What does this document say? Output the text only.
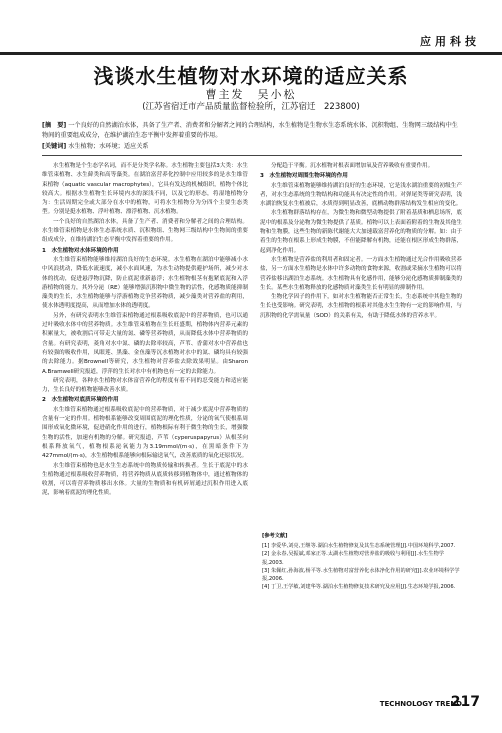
应用科技
浅谈水生植物对水环境的适应关系
曹主发　吴小松
(江苏省宿迁市产品质量监督检验所，江苏宿迁　223800)
[摘　要] 一个良好的自然湖泊水体，具备了生产者、消费者和分解者之间的合理结构，水生植物是生物水生态系统水体、沉积物组、生物网三级结构中生物间的重要组成成分，在维护湖泊生态平衡中发挥着重要的作用。
[关键词] 水生植物；水环境；适应关系

水生植物是个生态学名词，而不是分类学名称。水生植物主要包括3大类：水生维管束植物、水生藓类和高等藻类。在湖泊富营养化控制中应用较多的是水生维管束植物（aquatic vascular macrophytes），它具有发达的机械组织，植物个体比较高大。根据水生植物生长环境内水的深浅不同，以及它的形态，将湿地植物分为：生活周期完全或大部分在水中的植物，可将水生植物分为分四个主要生态类型。分别是挺水植物、浮叶植物、漂浮植物、沉水植物。

一个良好的自然湖泊水体，具备了生产者、消费者和分解者之间的合理结构。水生维管束植物是水体生态系统水质、沉积物组、生物网三级结构中生物间的重要组成成分，在维持湖泊生态平衡中发挥着重要的作用。

1　水生植物对水体环境的作用

水生维管束植物能够维持湖泊良好的生态环境。水生植物在湖泊中能够减小水中风浪扰动，降低水流速度，减小水面风速，为水生动物提供避护场所，减少对水体的扰动，促进悬浮物沉降，防止底泥重新悬浮；水生植物根茎有抱紧底泥和入浮游植物的能力，其外分泌（RE）能够增强沉积物中微生物的活性，化感物质能抑制藻类的生长，水生植物能够与浮游植物竞争营养物质，减少藻类对营养盐的利用，使水体透明度提高，从而增加水体的透明度。

另外，有研究表明水生维管束植物通过根系吸收底泥中的营养物质，也可以通过叶吸收水体中的营养物质。水生维管束植物在生长旺盛期，植物体内营养元素的积累量大，被收割后可带走大量的氮、磷等营养物质，从而降低水体中营养物质的含量。有研究表明，菱角对水中氮、磷的去除率较高，芦苇、香蒲对水中营养盐也有较强的吸收作用，凤眼莲、黑藻、金鱼藻等沉水植物对水中的氮、磷均具有较强的去除能力。据Brownell等研究，水生植物对营养盐去除效果明显。由Sharon A.Bramwell研究报道，浮萍的生长对水中有机物也有一定的去除能力。

研究表明，各种水生植物对水体富营养化的程度有着不同的忍受能力和适应能力，生长良好的植物能够改善水质。

2　水生植物对底质环境的作用

水生维管束植物通过根系吸收底泥中的营养物质，对于减少底泥中营养物质的含量有一定的作用。植物根系能够改变周围底泥的理化性质，分泌的氧气使根系周围形成氧化微环境，促进硝化作用的进行，植物根际有利于微生物的生长，增强微生物的活性，加速有机物的分解。研究报道，芦苇（cyperuspapyrus）从根茎向根系释放氧气，植物根系泌氧能力为3.19mmol/(m·s)，在黑暗条件下为427mmol/(m·s)，水生植物根系能够向根际输送氧气，改善底质的氧化还原状况。

水生维管束植物也是水生生态系统中的物质传输和转换者。生长于底泥中的水生植物通过根系吸收营养物质，将营养物质从底质转移到植物体中，通过植物体的收割，可以将营养物质移出水体。大量的生物质和有机碎屑通过沉积作用进入底泥，影响着底泥的理化性质。

分配趋于平衡。沉水植物对根表面增加氧及营养吸收有重要作用。

3　水生植物对周围生物环境的作用

水生维管束植物能够维持湖泊良好的生态环境，它是浅水湖泊重要的初级生产者，对水生态系统的生物结构和功能具有决定性的作用。对弹尾类等研究表明，浅水湖泊恢复水生植被后，水质得到明显改善，底栖动物群落结构发生相应的变化。

水生植物群落结构存在，为微生物和微型动物提供了附着基质和栖息场所，底泥中的根系及分泌物为微生物提供了基质。植物可以上表面着附着的生物及其他生物和生物膜，这些生物的新陈代谢能大大加速载富营养化的物质的分解。如：由于着生的生物在根系上形成生物膜，不但能降解有机物，还能在根区形成生物群落，起到净化作用。

水生植物是营养盐的利用者和固定者。一方面水生植物通过光合作用吸收营养盐，另一方面水生植物是水体中许多动物的食物来源，收割或采摘水生植物可以将营养盐移出湖泊生态系统。水生植物具有化感作用，能够分泌化感物质抑制藻类的生长。某些水生植物释放的化感物质对藻类生长有明显的抑制作用。

生物化学因子的作用下，如对水生植物能否正常生长，生态系统中其他生物的生长也受影响。研究表明，水生植物的根系对其他水生生物有一定的影响作用，与沉积物的化学需氧量（SOD）的关系有关，有助于降低水体的营养水平。

[参考文献]
[1] 李爱华,刘亮,王继等.湖泊水生植物修复及其生态系统管理[J].中国环境科学,2007.
[2] 金永春,吴振斌,邓家正等.太湖水生植物对营养盐的吸收与利用[J].水生生物学报,2003.
[3] 朱佩红,孙海波,杨平等.水生植物对富营养化水体净化作用的研究[J].农业环境科学学报,2006.
[4] 丁卫,王学敏,刘建华等.湖泊水生植物修复技术研究及应用[J].生态环境学报,2006.
TECHNOLOGY TREND
217
